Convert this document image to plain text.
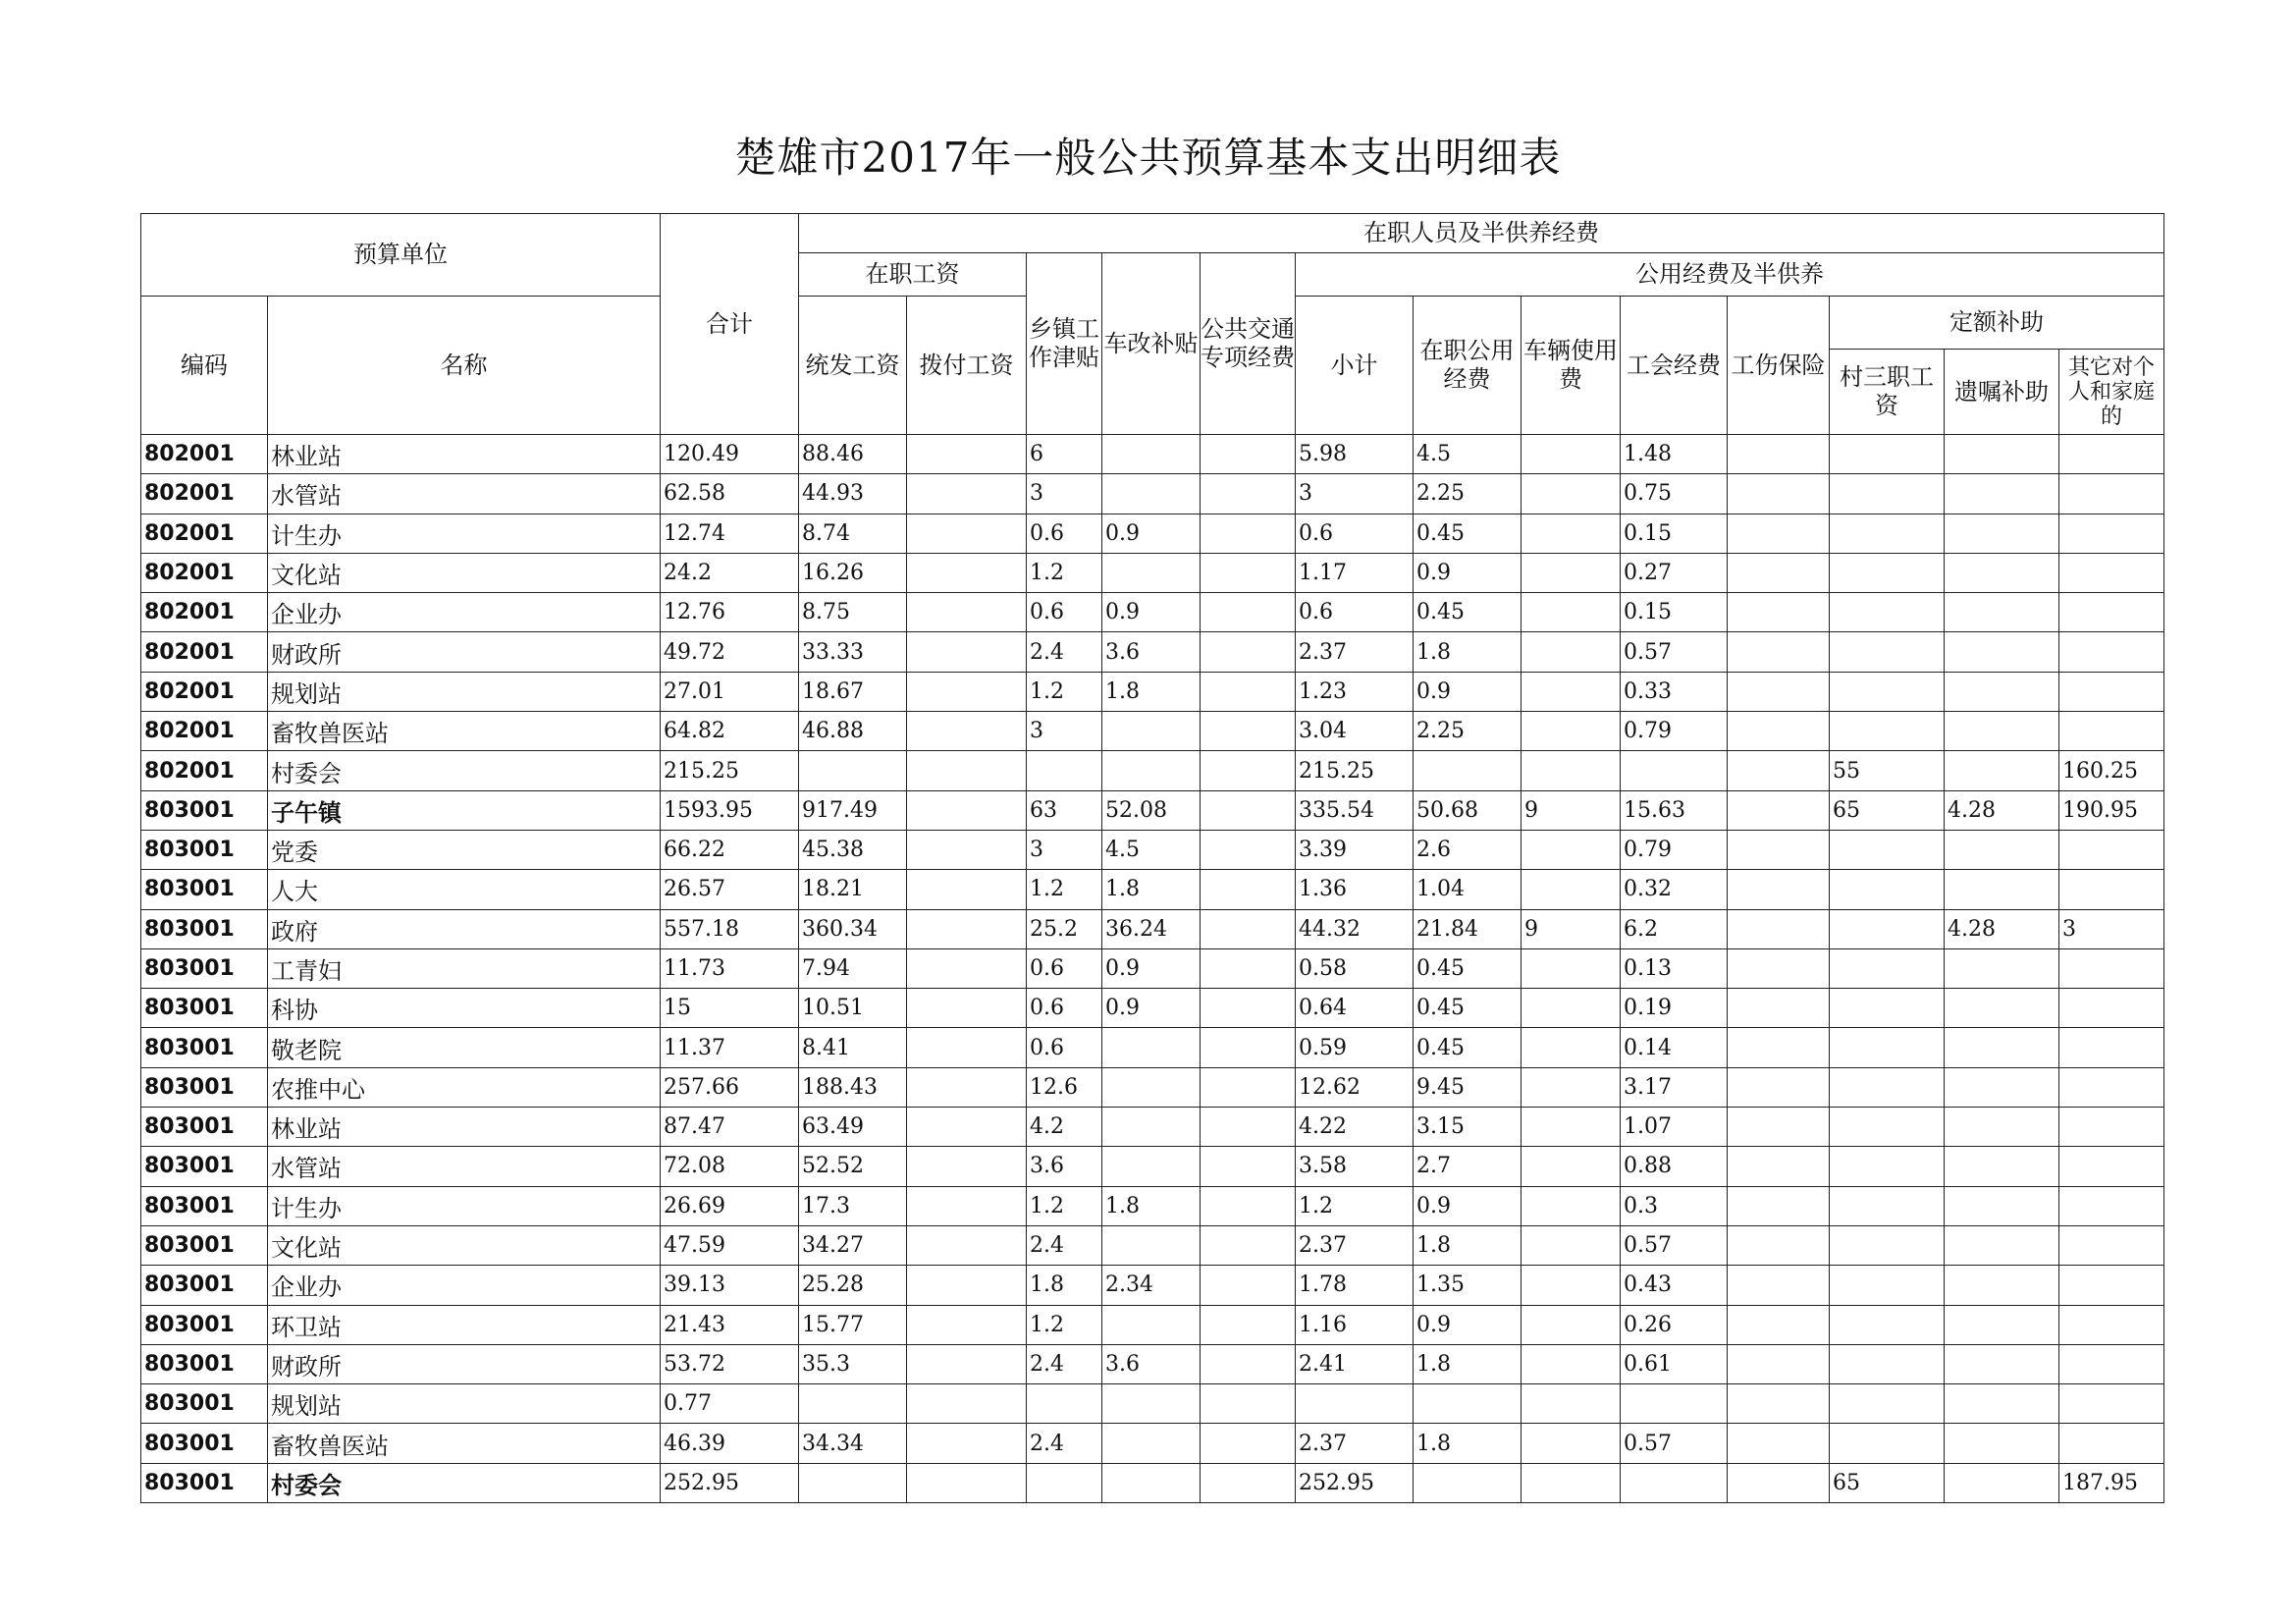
楚雄市2017年一般公共预算基本支出明细表
预算单位		合计	在职人员及半供养经费												
			在职工资		乡镇工作津贴	车改补贴	公共交通专项经费	公用经费及半供养							
编码	名称		统发工资	拨付工资				小计	在职公用经费	车辆使用费	工会经费	工伤保险	定额补助		
													村三职工资	遗嘱补助	其它对个人和家庭的
802001	林业站	120.49	88.46		6			5.98	4.5		1.48				
802001	水管站	62.58	44.93		3			3	2.25		0.75				
802001	计生办	12.74	8.74		0.6	0.9		0.6	0.45		0.15				
802001	文化站	24.2	16.26		1.2			1.17	0.9		0.27				
802001	企业办	12.76	8.75		0.6	0.9		0.6	0.45		0.15				
802001	财政所	49.72	33.33		2.4	3.6		2.37	1.8		0.57				
802001	规划站	27.01	18.67		1.2	1.8		1.23	0.9		0.33				
802001	畜牧兽医站	64.82	46.88		3			3.04	2.25		0.79				
802001	村委会	215.25						215.25					55		160.25
803001	子午镇	1593.95	917.49		63	52.08		335.54	50.68	9	15.63		65	4.28	190.95
803001	党委	66.22	45.38		3	4.5		3.39	2.6		0.79				
803001	人大	26.57	18.21		1.2	1.8		1.36	1.04		0.32				
803001	政府	557.18	360.34		25.2	36.24		44.32	21.84	9	6.2			4.28	3
803001	工青妇	11.73	7.94		0.6	0.9		0.58	0.45		0.13				
803001	科协	15	10.51		0.6	0.9		0.64	0.45		0.19				
803001	敬老院	11.37	8.41		0.6			0.59	0.45		0.14				
803001	农推中心	257.66	188.43		12.6			12.62	9.45		3.17				
803001	林业站	87.47	63.49		4.2			4.22	3.15		1.07				
803001	水管站	72.08	52.52		3.6			3.58	2.7		0.88				
803001	计生办	26.69	17.3		1.2	1.8		1.2	0.9		0.3				
803001	文化站	47.59	34.27		2.4			2.37	1.8		0.57				
803001	企业办	39.13	25.28		1.8	2.34		1.78	1.35		0.43				
803001	环卫站	21.43	15.77		1.2			1.16	0.9		0.26				
803001	财政所	53.72	35.3		2.4	3.6		2.41	1.8		0.61				
803001	规划站	0.77													
803001	畜牧兽医站	46.39	34.34		2.4			2.37	1.8		0.57				
803001	村委会	252.95						252.95					65		187.95
